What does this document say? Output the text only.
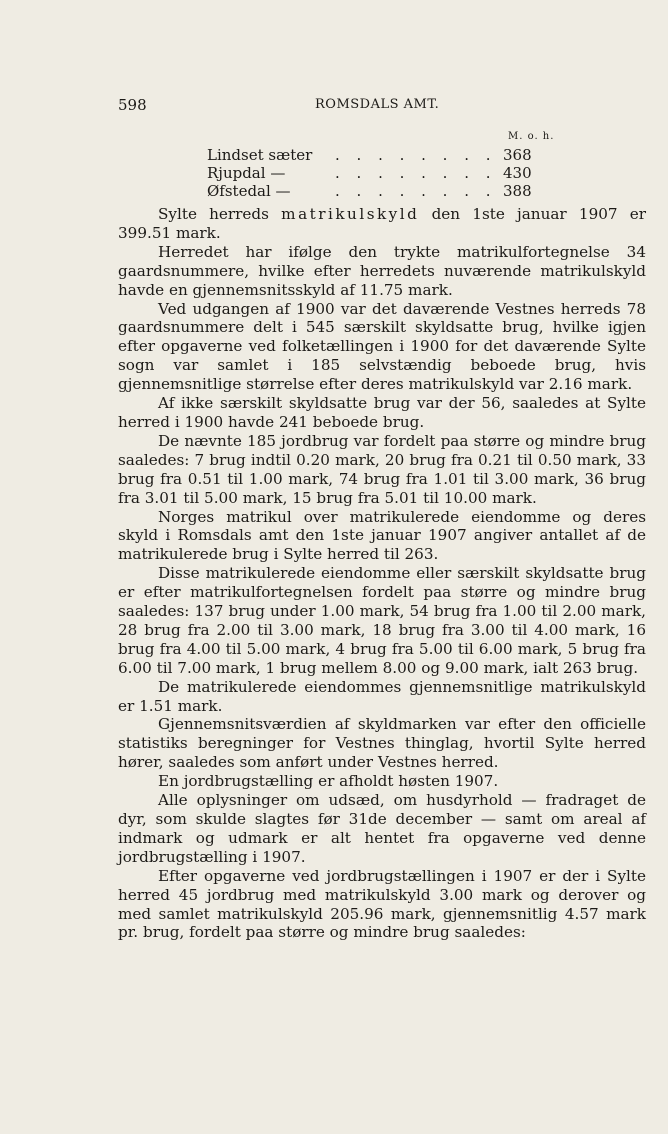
598	ROMSDALS AMT.
M. o. h.
Lindset sæter	. . . . . . . . 368
Rjupdal —	. . . . . . . . 430
Øfstedal —	. . . . . . . . 388

Sylte herreds matrikulskyld den 1ste januar 1907 er 399.51 mark.

Herredet har ifølge den trykte matrikulfortegnelse 34 gaardsnummere, hvilke efter herredets nuværende matrikulskyld havde en gjennemsnitsskyld af 11.75 mark.

Ved udgangen af 1900 var det daværende Vestnes herreds 78 gaardsnummere delt i 545 særskilt skyldsatte brug, hvilke igjen efter opgaverne ved folketællingen i 1900 for det daværende Sylte sogn var samlet i 185 selvstændig beboede brug, hvis gjennemsnitlige størrelse efter deres matrikulskyld var 2.16 mark.

Af ikke særskilt skyldsatte brug var der 56, saaledes at Sylte herred i 1900 havde 241 beboede brug.

De nævnte 185 jordbrug var fordelt paa større og mindre brug saaledes: 7 brug indtil 0.20 mark, 20 brug fra 0.21 til 0.50 mark, 33 brug fra 0.51 til 1.00 mark, 74 brug fra 1.01 til 3.00 mark, 36 brug fra 3.01 til 5.00 mark, 15 brug fra 5.01 til 10.00 mark.

Norges matrikul over matrikulerede eiendomme og deres skyld i Romsdals amt den 1ste januar 1907 angiver antallet af de matrikulerede brug i Sylte herred til 263.

Disse matrikulerede eiendomme eller særskilt skyldsatte brug er efter matrikulfortegnelsen fordelt paa større og mindre brug saaledes: 137 brug under 1.00 mark, 54 brug fra 1.00 til 2.00 mark, 28 brug fra 2.00 til 3.00 mark, 18 brug fra 3.00 til 4.00 mark, 16 brug fra 4.00 til 5.00 mark, 4 brug fra 5.00 til 6.00 mark, 5 brug fra 6.00 til 7.00 mark, 1 brug mellem 8.00 og 9.00 mark, ialt 263 brug.

De matrikulerede eiendommes gjennemsnitlige matrikulskyld er 1.51 mark.

Gjennemsnitsværdien af skyldmarken var efter den officielle statistiks beregninger for Vestnes thinglag, hvortil Sylte herred hører, saaledes som anført under Vestnes herred.

En jordbrugstælling er afholdt høsten 1907.

Alle oplysninger om udsæd, om husdyrhold — fradraget de dyr, som skulde slagtes før 31de december — samt om areal af indmark og udmark er alt hentet fra opgaverne ved denne jordbrugstælling i 1907.

Efter opgaverne ved jordbrugstællingen i 1907 er der i Sylte herred 45 jordbrug med matrikulskyld 3.00 mark og derover og med samlet matrikulskyld 205.96 mark, gjennemsnitlig 4.57 mark pr. brug, fordelt paa større og mindre brug saaledes:
